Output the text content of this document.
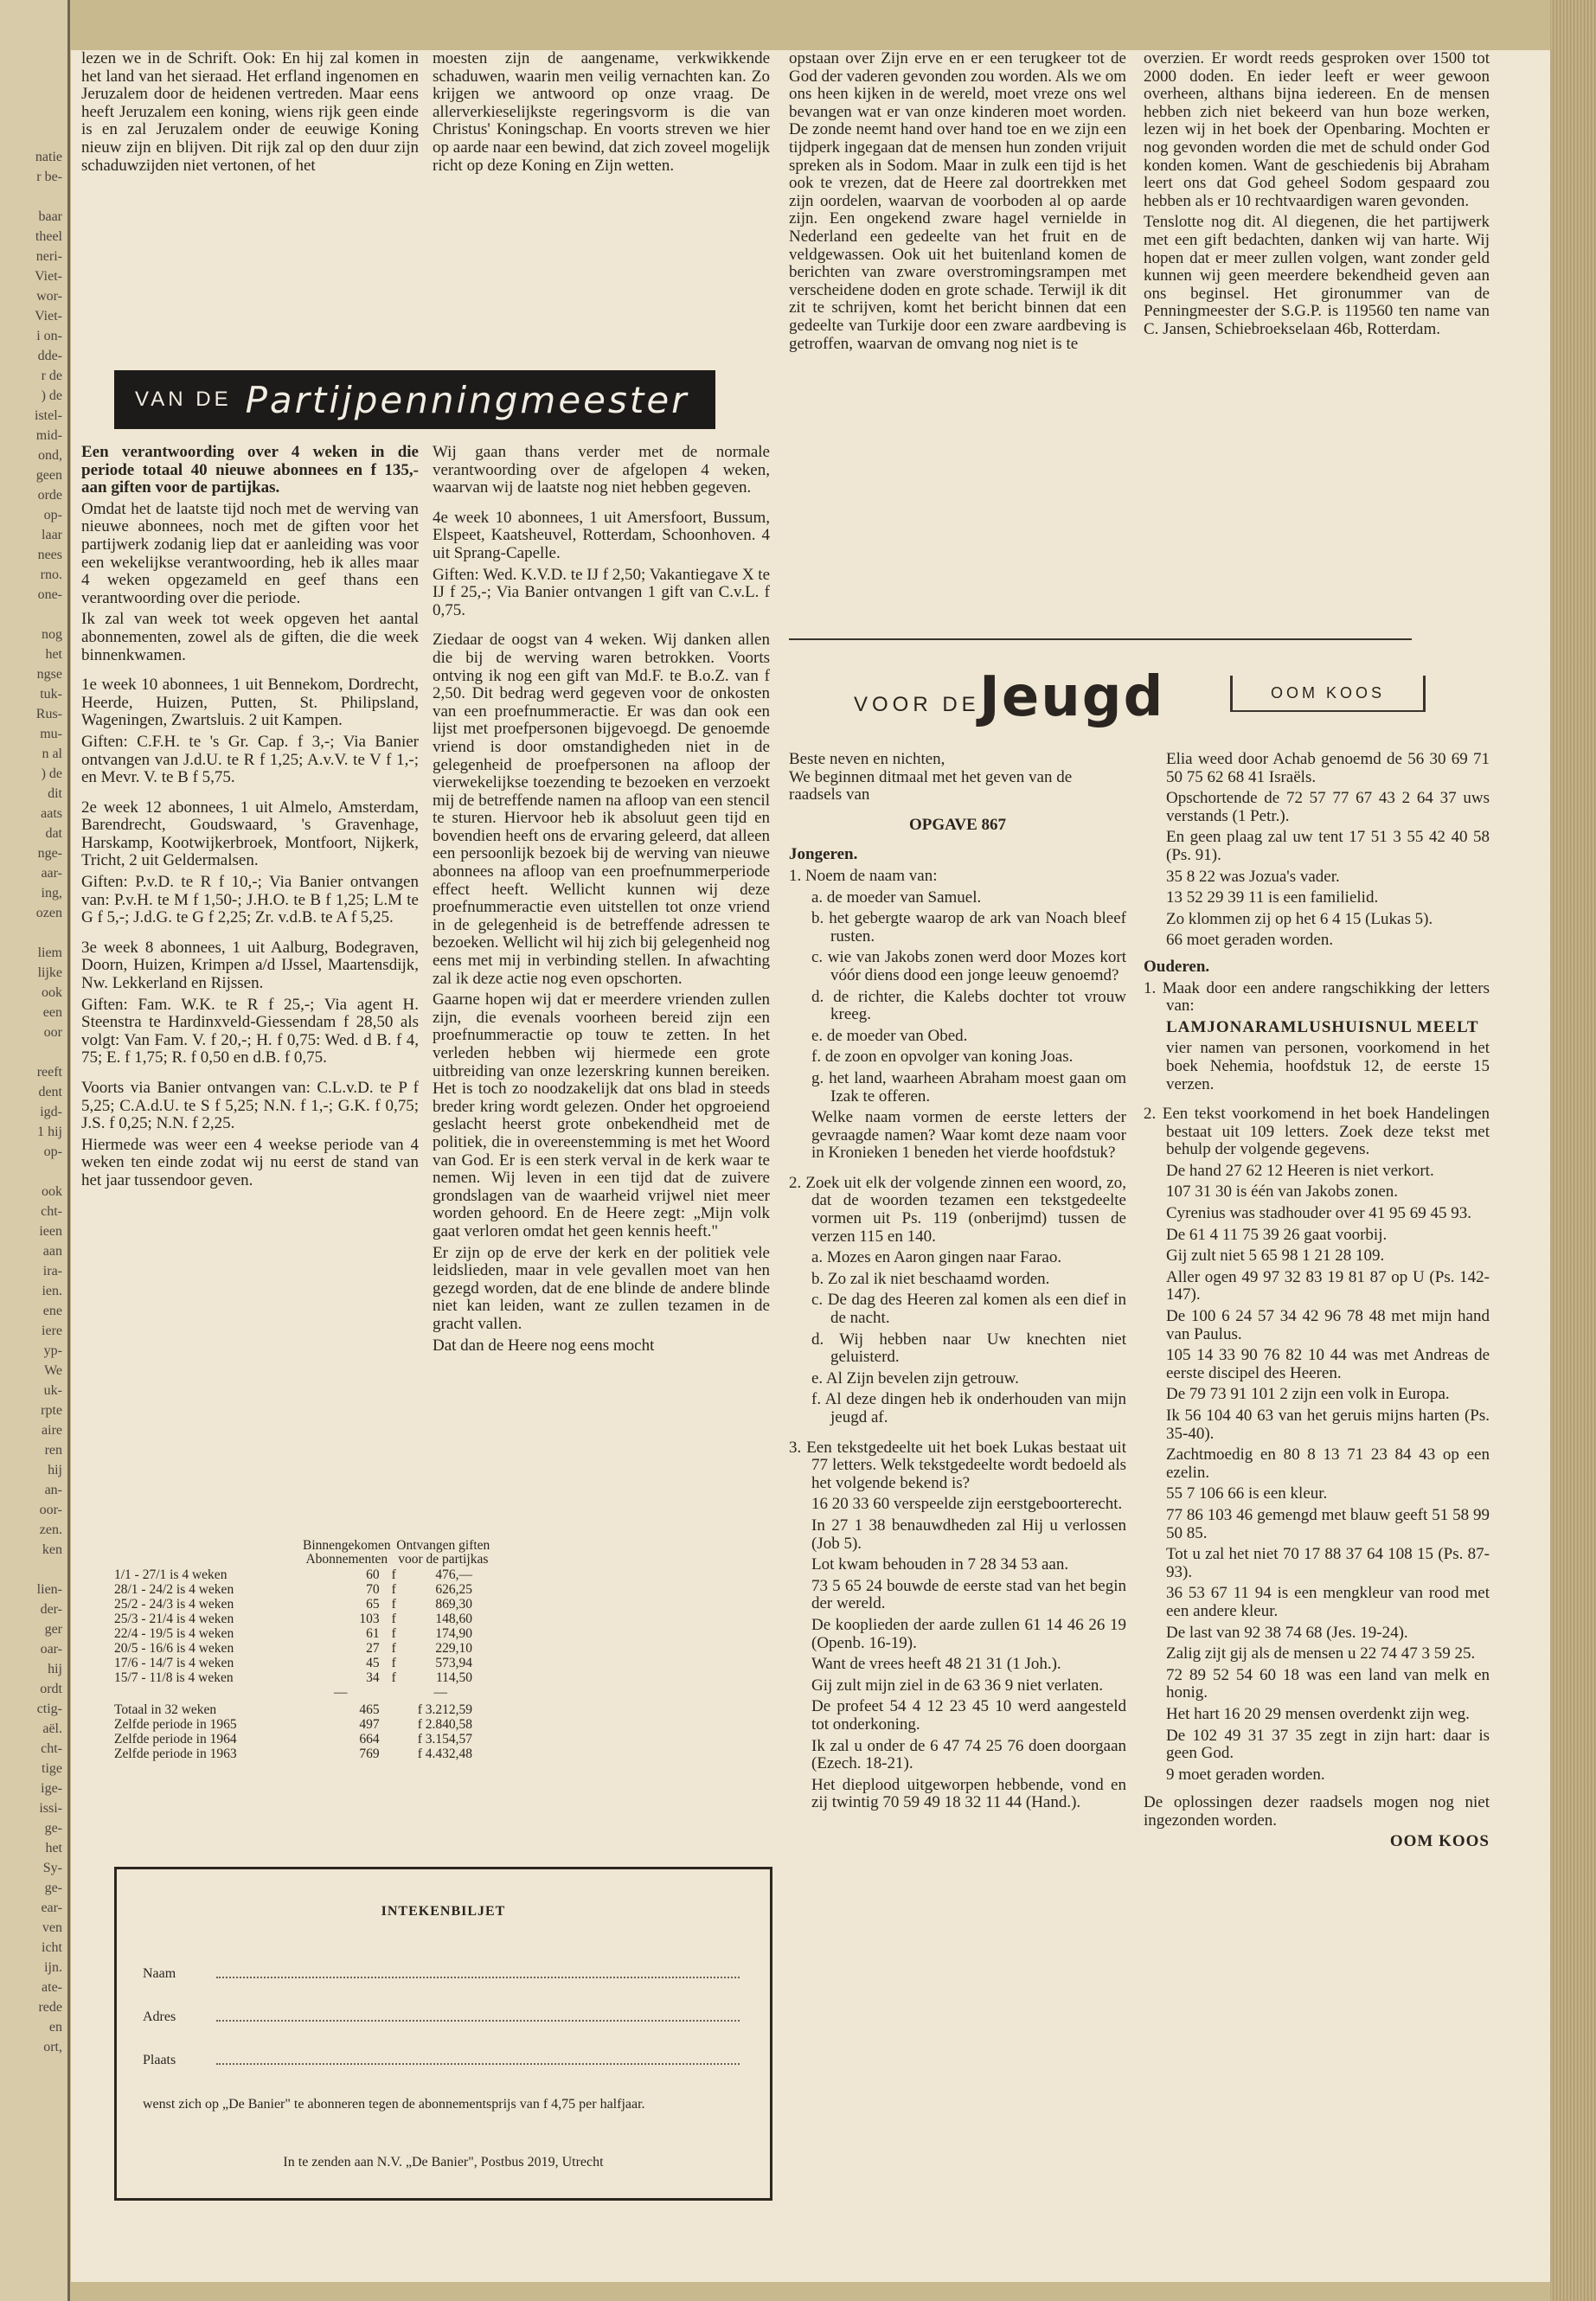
natie
r be-
baar
theel
neri-
Viet-
wor-
Viet-
i on-
dde-
r de
) de
istel-
mid-
ond,
geen
orde
op-
laar
nees
rno.
one-
nog
het
ngse
tuk-
Rus-
mu-
n al
) de
dit
aats
dat
nge-
aar-
ing,
ozen
liem
lijke
ook
een
oor
reeft
dent
igd-
1 hij
op-
ook
cht-
ieen
aan
ira-
ien.
ene
iere
yp-
We
uk-
rpte
aire
ren
hij
an-
oor-
zen.
ken
lien-
der-
ger
oar-
hij
ordt
ctig-
aël.
cht-
tige
ige-
issi-
ge-
het
Sy-
ge-
ear-
ven
icht
ijn.
ate-
rede
en
ort,
lezen we in de Schrift. Ook: En hij zal komen in het land van het sieraad. Het erfland ingenomen en Jeruzalem door de heidenen vertreden. Maar eens heeft Jeruzalem een koning, wiens rijk geen einde is en zal Jeruzalem onder de eeuwige Koning nieuw zijn en blijven. Dit rijk zal op den duur zijn schaduwzijden niet vertonen, of het
moesten zijn de aangename, verkwikkende schaduwen, waarin men veilig vernachten kan. Zo krijgen we antwoord op onze vraag. De allerverkieselijkste regeringsvorm is die van Christus' Koningschap. En voorts streven we hier op aarde naar een bewind, dat zich zoveel mogelijk richt op deze Koning en Zijn wetten.
VAN DE Partijpenningmeester

Een verantwoording over 4 weken in die periode totaal 40 nieuwe abonnees en f 135,- aan giften voor de partijkas.

Omdat het de laatste tijd noch met de werving van nieuwe abonnees, noch met de giften voor het partijwerk zodanig liep dat er aanleiding was voor een wekelijkse verantwoording, heb ik alles maar 4 weken opgezameld en geef thans een verantwoording over die periode.

Ik zal van week tot week opgeven het aantal abonnementen, zowel als de giften, die die week binnenkwamen.

1e week 10 abonnees, 1 uit Bennekom, Dordrecht, Heerde, Huizen, Putten, St. Philipsland, Wageningen, Zwartsluis. 2 uit Kampen.

Giften: C.F.H. te 's Gr. Cap. f 3,-; Via Banier ontvangen van J.d.U. te R f 1,25; A.v.V. te V f 1,-; en Mevr. V. te B f 5,75.

2e week 12 abonnees, 1 uit Almelo, Amsterdam, Barendrecht, Goudswaard, 's Gravenhage, Harskamp, Kootwijkerbroek, Montfoort, Nijkerk, Tricht, 2 uit Geldermalsen.

Giften: P.v.D. te R f 10,-; Via Banier ontvangen van: P.v.H. te M f 1,50-; J.H.O. te B f 1,25; L.M te G f 5,-; J.d.G. te G f 2,25; Zr. v.d.B. te A f 5,25.

3e week 8 abonnees, 1 uit Aalburg, Bodegraven, Doorn, Huizen, Krimpen a/d IJssel, Maartensdijk, Nw. Lekkerland en Rijssen.

Giften: Fam. W.K. te R f 25,-; Via agent H. Steenstra te Hardinxveld-Giessendam f 28,50 als volgt: Van Fam. V. f 20,-; H. f 0,75: Wed. d B. f 4, 75; E. f 1,75; R. f 0,50 en d.B. f 0,75.

Voorts via Banier ontvangen van: C.L.v.D. te P f 5,25; C.A.d.U. te S f 5,25; N.N. f 1,-; G.K. f 0,75; J.S. f 0,25; N.N. f 2,25.

Hiermede was weer een 4 weekse periode van 4 weken ten einde zodat wij nu eerst de stand van het jaar tussendoor geven.

	Binnengekomen Abonnementen	Ontvangen giften voor de partijkas	
1/1 - 27/1 is 4 weken	60	f	476,—
28/1 - 24/2 is 4 weken	70	f	626,25
25/2 - 24/3 is 4 weken	65	f	869,30
25/3 - 21/4 is 4 weken	103	f	148,60
22/4 - 19/5 is 4 weken	61	f	174,90
20/5 - 16/6 is 4 weken	27	f	229,10
17/6 - 14/7 is 4 weken	45	f	573,94
15/7 - 11/8 is 4 weken	34	f	114,50
	—		—
Totaal in 32 weken	465	f 3.212,59	
Zelfde periode in 1965	497	f 2.840,58	
Zelfde periode in 1964	664	f 3.154,57	
Zelfde periode in 1963	769	f 4.432,48	

Wij gaan thans verder met de normale verantwoording over de afgelopen 4 weken, waarvan wij de laatste nog niet hebben gegeven.

4e week 10 abonnees, 1 uit Amersfoort, Bussum, Elspeet, Kaatsheuvel, Rotterdam, Schoonhoven. 4 uit Sprang-Capelle.

Giften: Wed. K.V.D. te IJ f 2,50; Vakantiegave X te IJ f 25,-; Via Banier ontvangen 1 gift van C.v.L. f 0,75.

Ziedaar de oogst van 4 weken. Wij danken allen die bij de werving waren betrokken. Voorts ontving ik nog een gift van Md.F. te B.o.Z. van f 2,50. Dit bedrag werd gegeven voor de onkosten van een proefnummeractie. Er was dan ook een lijst met proefpersonen bijgevoegd. De genoemde vriend is door omstandigheden niet in de gelegenheid de proefpersonen na afloop der vierwekelijkse toezending te bezoeken en verzoekt mij de betreffende namen na afloop van een stencil te sturen. Hiervoor heb ik absoluut geen tijd en bovendien heeft ons de ervaring geleerd, dat alleen een persoonlijk bezoek bij de werving van nieuwe abonnees na afloop van een proefnummerperiode effect heeft. Wellicht kunnen wij deze proefnummeractie even uitstellen tot onze vriend in de gelegenheid is de betreffende adressen te bezoeken. Wellicht wil hij zich bij gelegenheid nog eens met mij in verbinding stellen. In afwachting zal ik deze actie nog even opschorten.

Gaarne hopen wij dat er meerdere vrienden zullen zijn, die evenals voorheen bereid zijn een proefnummeractie op touw te zetten. In het verleden hebben wij hiermede een grote uitbreiding van onze lezerskring kunnen bereiken. Het is toch zo noodzakelijk dat ons blad in steeds breder kring wordt gelezen. Onder het opgroeiend geslacht heerst grote onbekendheid met de politiek, die in overeenstemming is met het Woord van God. Er is een sterk verval in de kerk waar te nemen. Wij leven in een tijd dat de zuivere grondslagen van de waarheid vrijwel niet meer worden gehoord. En de Heere zegt: „Mijn volk gaat verloren omdat het geen kennis heeft."

Er zijn op de erve der kerk en der politiek vele leidslieden, maar in vele gevallen moet van hen gezegd worden, dat de ene blinde de andere blinde niet kan leiden, want ze zullen tezamen in de gracht vallen.

Dat dan de Heere nog eens mocht

INTEKENBILJET
Naam
Adres
Plaats
wenst zich op „De Banier" te abonneren tegen de abonnementsprijs van f 4,75 per halfjaar.
In te zenden aan N.V. „De Banier", Postbus 2019, Utrecht
opstaan over Zijn erve en er een terugkeer tot de God der vaderen gevonden zou worden. Als we om ons heen kijken in de wereld, moet vreze ons wel bevangen wat er van onze kinderen moet worden. De zonde neemt hand over hand toe en we zijn een tijdperk ingegaan dat de mensen hun zonden vrijuit spreken als in Sodom. Maar in zulk een tijd is het ook te vrezen, dat de Heere zal doortrekken met zijn oordelen, waarvan de voorboden al op aarde zijn. Een ongekend zware hagel vernielde in Nederland een gedeelte van het fruit en de veldgewassen. Ook uit het buitenland komen de berichten van zware overstromingsrampen met verscheidene doden en grote schade. Terwijl ik dit zit te schrijven, komt het bericht binnen dat een gedeelte van Turkije door een zware aardbeving is getroffen, waarvan de omvang nog niet is te

overzien. Er wordt reeds gesproken over 1500 tot 2000 doden. En ieder leeft er weer gewoon overheen, althans bijna iedereen. En de mensen hebben zich niet bekeerd van hun boze werken, lezen wij in het boek der Openbaring. Mochten er nog gevonden worden die met de schuld onder God konden komen. Want de geschiedenis bij Abraham leert ons dat God geheel Sodom gespaard zou hebben als er 10 rechtvaardigen waren gevonden.

Tenslotte nog dit. Al diegenen, die het partijwerk met een gift bedachten, danken wij van harte. Wij hopen dat er meer zullen volgen, want zonder geld kunnen wij geen meerdere bekendheid geven aan ons beginsel. Het gironummer van de Penningmeester der S.G.P. is 119560 ten name van C. Jansen, Schiebroekselaan 46b, Rotterdam.

VOOR DE Jeugd	OOM KOOS

Beste neven en nichten,
We beginnen ditmaal met het geven van de raadsels van

OPGAVE 867

Jongeren.

1. Noem de naam van:

a. de moeder van Samuel.

b. het gebergte waarop de ark van Noach bleef rusten.

c. wie van Jakobs zonen werd door Mozes kort vóór diens dood een jonge leeuw genoemd?

d. de richter, die Kalebs dochter tot vrouw kreeg.

e. de moeder van Obed.

f. de zoon en opvolger van koning Joas.

g. het land, waarheen Abraham moest gaan om Izak te offeren.

Welke naam vormen de eerste letters der gevraagde namen? Waar komt deze naam voor in Kronieken 1 beneden het vierde hoofdstuk?

2. Zoek uit elk der volgende zinnen een woord, zo, dat de woorden tezamen een tekstgedeelte vormen uit Ps. 119 (onberijmd) tussen de verzen 115 en 140.

a. Mozes en Aaron gingen naar Farao.

b. Zo zal ik niet beschaamd worden.

c. De dag des Heeren zal komen als een dief in de nacht.

d. Wij hebben naar Uw knechten niet geluisterd.

e. Al Zijn bevelen zijn getrouw.

f. Al deze dingen heb ik onderhouden van mijn jeugd af.

3. Een tekstgedeelte uit het boek Lukas bestaat uit 77 letters. Welk tekstgedeelte wordt bedoeld als het volgende bekend is?

16 20 33 60 verspeelde zijn eerstgeboorterecht.

In 27 1 38 benauwdheden zal Hij u verlossen (Job 5).

Lot kwam behouden in 7 28 34 53 aan.

73 5 65 24 bouwde de eerste stad van het begin der wereld.

De kooplieden der aarde zullen 61 14 46 26 19 (Openb. 16-19).

Want de vrees heeft 48 21 31 (1 Joh.).

Gij zult mijn ziel in de 63 36 9 niet verlaten.

De profeet 54 4 12 23 45 10 werd aangesteld tot onderkoning.

Ik zal u onder de 6 47 74 25 76 doen doorgaan (Ezech. 18-21).

Het dieplood uitgeworpen hebbende, vond en zij twintig 70 59 49 18 32 11 44 (Hand.).

Elia weed door Achab genoemd de 56 30 69 71 50 75 62 68 41 Israëls.

Opschortende de 72 57 77 67 43 2 64 37 uws verstands (1 Petr.).

En geen plaag zal uw tent 17 51 3 55 42 40 58 (Ps. 91).

35 8 22 was Jozua's vader.

13 52 29 39 11 is een familielid.

Zo klommen zij op het 6 4 15 (Lukas 5).

66 moet geraden worden.

Ouderen.

1. Maak door een andere rangschikking der letters van:

LAMJONARAMLUSHUISNUL MEELT

vier namen van personen, voorkomend in het boek Nehemia, hoofdstuk 12, de eerste 15 verzen.

2. Een tekst voorkomend in het boek Handelingen bestaat uit 109 letters. Zoek deze tekst met behulp der volgende gegevens.

De hand 27 62 12 Heeren is niet verkort.

107 31 30 is één van Jakobs zonen.

Cyrenius was stadhouder over 41 95 69 45 93.

De 61 4 11 75 39 26 gaat voorbij.

Gij zult niet 5 65 98 1 21 28 109.

Aller ogen 49 97 32 83 19 81 87 op U (Ps. 142-147).

De 100 6 24 57 34 42 96 78 48 met mijn hand van Paulus.

105 14 33 90 76 82 10 44 was met Andreas de eerste discipel des Heeren.

De 79 73 91 101 2 zijn een volk in Europa.

Ik 56 104 40 63 van het geruis mijns harten (Ps. 35-40).

Zachtmoedig en 80 8 13 71 23 84 43 op een ezelin.

55 7 106 66 is een kleur.

77 86 103 46 gemengd met blauw geeft 51 58 99 50 85.

Tot u zal het niet 70 17 88 37 64 108 15 (Ps. 87-93).

36 53 67 11 94 is een mengkleur van rood met een andere kleur.

De last van 92 38 74 68 (Jes. 19-24).

Zalig zijt gij als de mensen u 22 74 47 3 59 25.

72 89 52 54 60 18 was een land van melk en honig.

Het hart 16 20 29 mensen overdenkt zijn weg.

De 102 49 31 37 35 zegt in zijn hart: daar is geen God.

9 moet geraden worden.

De oplossingen dezer raadsels mogen nog niet ingezonden worden.

OOM KOOS
